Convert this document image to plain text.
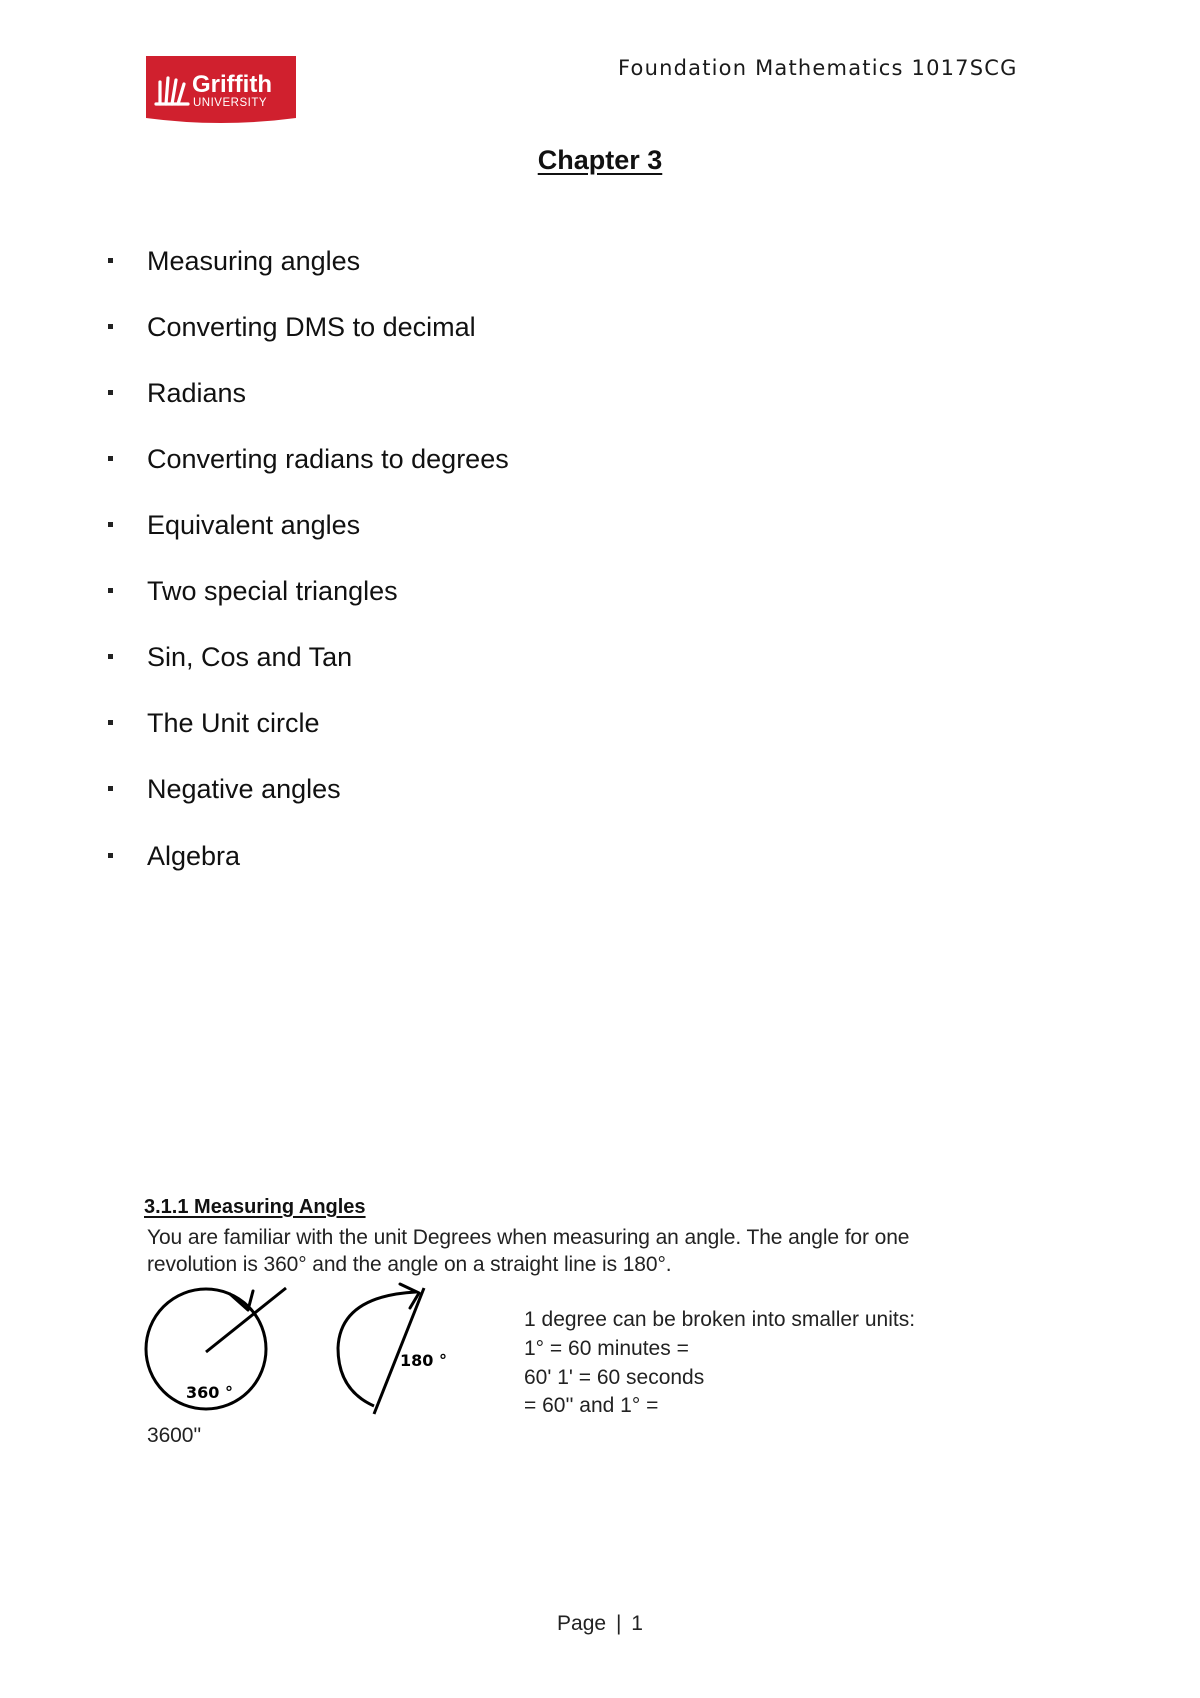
Griffith
UNIVERSITY
Foundation Mathematics 1017SCG
Chapter 3
Measuring angles
Converting DMS to decimal
Radians
Converting radians to degrees
Equivalent angles
Two special triangles
Sin, Cos and Tan
The Unit circle
Negative angles
Algebra
3.1.1 Measuring Angles
You are familiar with the unit Degrees when measuring an angle. The angle for one
revolution is 360° and the angle on a straight line is 180°.
360 °
180 °
1 degree can be broken into smaller units:
1° = 60 minutes =
60' 1' = 60 seconds
= 60'' and 1° =
3600''
Page | 1
